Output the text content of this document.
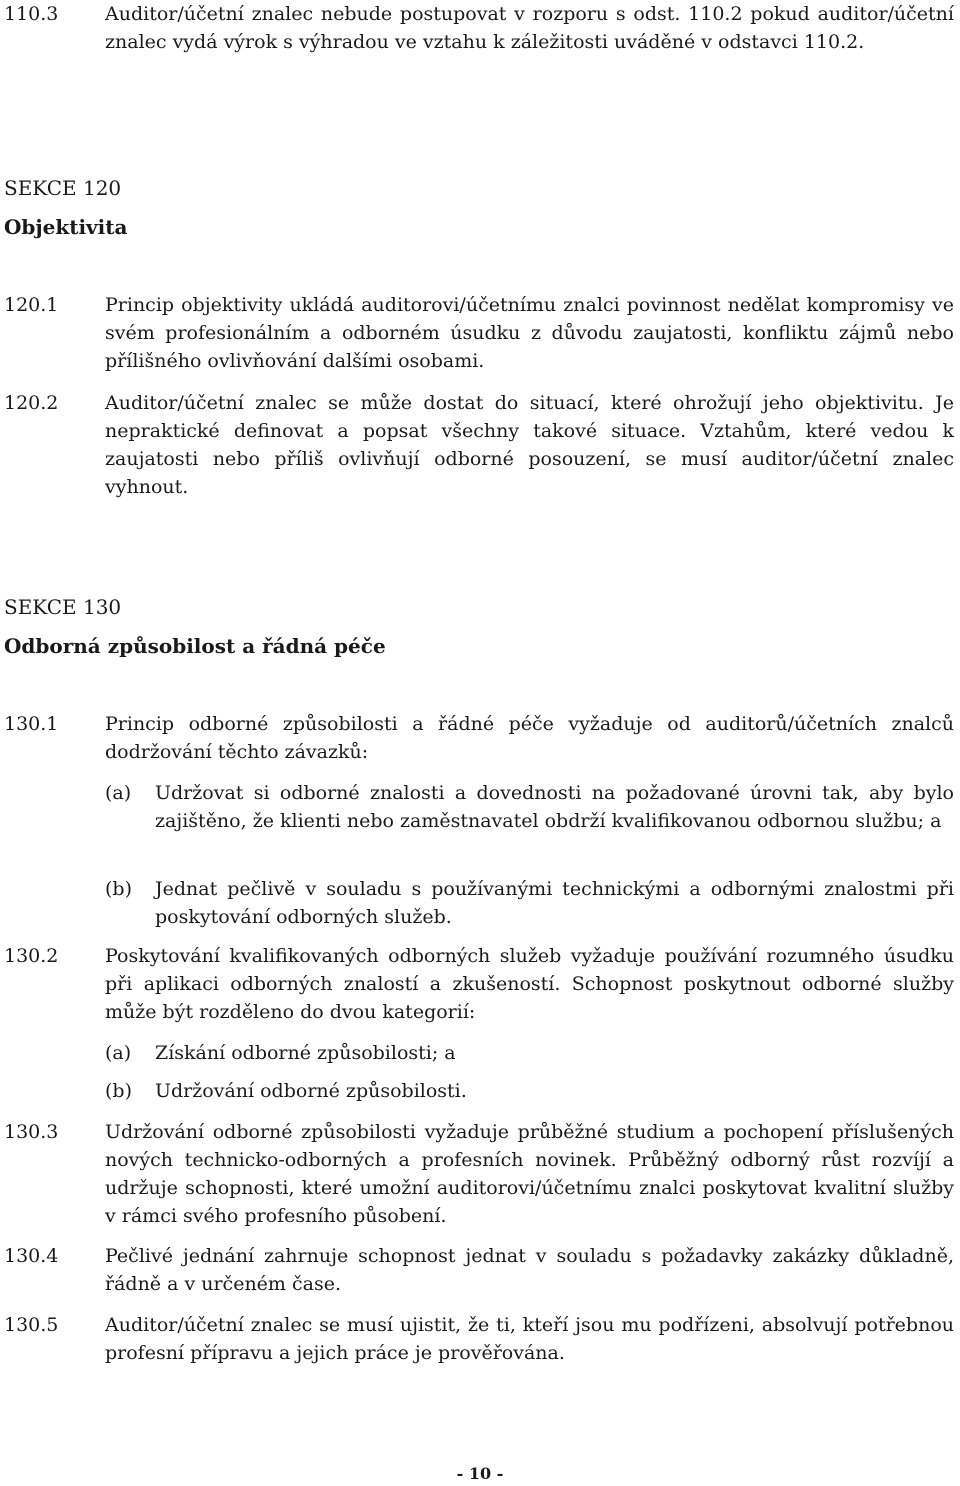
110.3	Auditor/účetní znalec nebude postupovat v rozporu s odst. 110.2 pokud auditor/účetní znalec vydá výrok s výhradou ve vztahu k záležitosti uváděné v odstavci 110.2.
SEKCE 120
Objektivita
120.1	Princip objektivity ukládá auditorovi/účetnímu znalci povinnost nedělat kompromisy ve svém profesionálním a odborném úsudku z důvodu zaujatosti, konfliktu zájmů nebo přílišného ovlivňování dalšími osobami.
120.2	Auditor/účetní znalec se může dostat do situací, které ohrožují jeho objektivitu. Je nepraktické definovat a popsat všechny takové situace. Vztahům, které vedou k zaujatosti nebo příliš ovlivňují odborné posouzení, se musí auditor/účetní znalec vyhnout.
SEKCE 130
Odborná způsobilost a řádná péče
130.1	Princip odborné způsobilosti a řádné péče vyžaduje od auditorů/účetních znalců dodržování těchto závazků:
(a)	Udržovat si odborné znalosti a dovednosti na požadované úrovni tak, aby bylo zajištěno, že klienti nebo zaměstnavatel obdrží kvalifikovanou odbornou službu; a
(b)	Jednat pečlivě v souladu s používanými technickými a odbornými znalostmi při poskytování odborných služeb.
130.2	Poskytování kvalifikovaných odborných služeb vyžaduje používání rozumného úsudku při aplikaci odborných znalostí a zkušeností. Schopnost poskytnout odborné služby může být rozděleno do dvou kategorií:
(a)	Získání odborné způsobilosti; a
(b)	Udržování odborné způsobilosti.
130.3	Udržování odborné způsobilosti vyžaduje průběžné studium a pochopení příslušených nových technicko-odborných a profesních novinek. Průběžný odborný růst rozvíjí a udržuje schopnosti, které umožní auditorovi/účetnímu znalci poskytovat kvalitní služby v rámci svého profesního působení.
130.4	Pečlivé jednání zahrnuje schopnost jednat v souladu s požadavky zakázky důkladně, řádně a v určeném čase.
130.5	Auditor/účetní znalec se musí ujistit, že ti, kteří jsou mu podřízeni, absolvují potřebnou profesní přípravu a jejich práce je prověřována.
- 10 -
